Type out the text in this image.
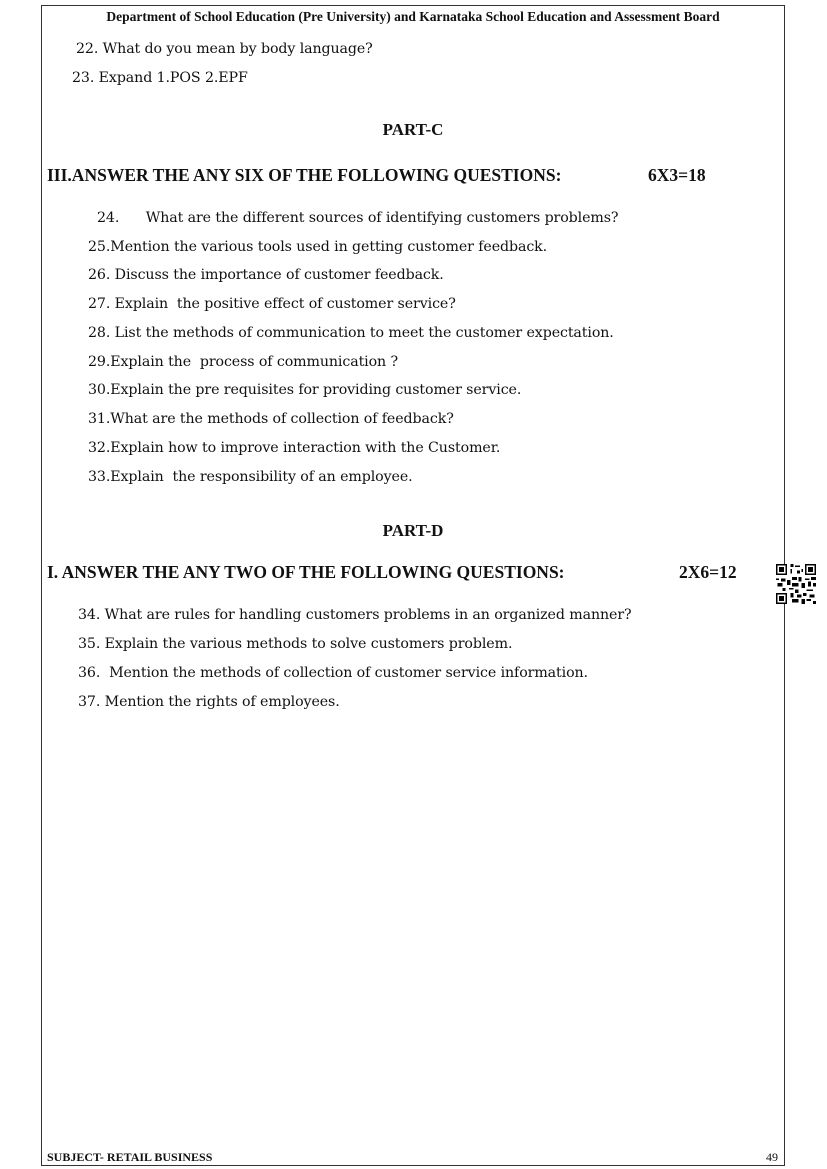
Department of School Education (Pre University) and Karnataka School Education and Assessment Board
22. What do you mean by body language?
23. Expand 1.POS 2.EPF
PART-C
III.ANSWER THE ANY SIX OF THE FOLLOWING QUESTIONS:	6X3=18
24.      What are the different sources of identifying customers problems?
25.Mention the various tools used in getting customer feedback.
26. Discuss the importance of customer feedback.
27. Explain  the positive effect of customer service?
28. List the methods of communication to meet the customer expectation.
29.Explain the  process of communication ?
30.Explain the pre requisites for providing customer service.
31.What are the methods of collection of feedback?
32.Explain how to improve interaction with the Customer.
33.Explain  the responsibility of an employee.
PART-D
I. ANSWER THE ANY TWO OF THE FOLLOWING QUESTIONS:	2X6=12
34. What are rules for handling customers problems in an organized manner?
35. Explain the various methods to solve customers problem.
36.  Mention the methods of collection of customer service information.
37. Mention the rights of employees.
SUBJECT- RETAIL BUSINESS	49
